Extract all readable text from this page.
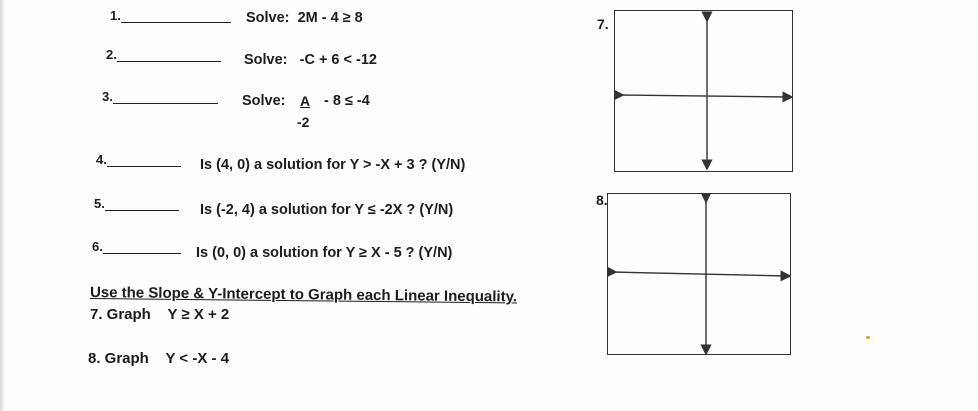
1.	Solve: 2M - 4 ≥ 8
2.	Solve: -C + 6 < -12
3.	Solve: A
-2
- 8 ≤ -4
4.	Is (4, 0) a solution for Y > -X + 3 ? (Y/N)
5.	Is (-2, 4) a solution for Y ≤ -2X ? (Y/N)
6.	Is (0, 0) a solution for Y ≥ X - 5 ? (Y/N)
Use the Slope & Y-Intercept to Graph each Linear Inequality.
7. Graph Y ≥ X + 2
8. Graph Y < -X - 4
7.
8.
